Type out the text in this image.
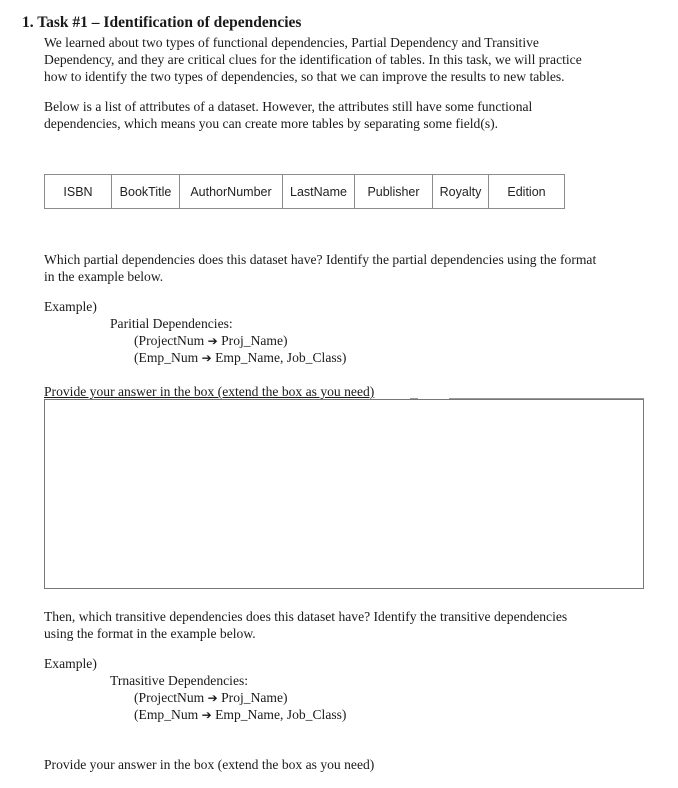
1. Task #1 – Identification of dependencies
We learned about two types of functional dependencies, Partial Dependency and Transitive
Dependency, and they are critical clues for the identification of tables. In this task, we will practice
how to identify the two types of dependencies, so that we can improve the results to new tables.
Below is a list of attributes of a dataset. However, the attributes still have some functional
dependencies, which means you can create more tables by separating some field(s).
ISBN	BookTitle	AuthorNumber	LastName	Publisher	Royalty	Edition
Which partial dependencies does this dataset have? Identify the partial dependencies using the format
in the example below.
Example)
Paritial Dependencies:
(ProjectNum ➔ Proj_Name)
(Emp_Num ➔ Emp_Name, Job_Class)
Provide your answer in the box (extend the box as you need)
Then, which transitive dependencies does this dataset have? Identify the transitive dependencies
using the format in the example below.
Example)
Trnasitive Dependencies:
(ProjectNum ➔ Proj_Name)
(Emp_Num ➔ Emp_Name, Job_Class)
Provide your answer in the box (extend the box as you need)
